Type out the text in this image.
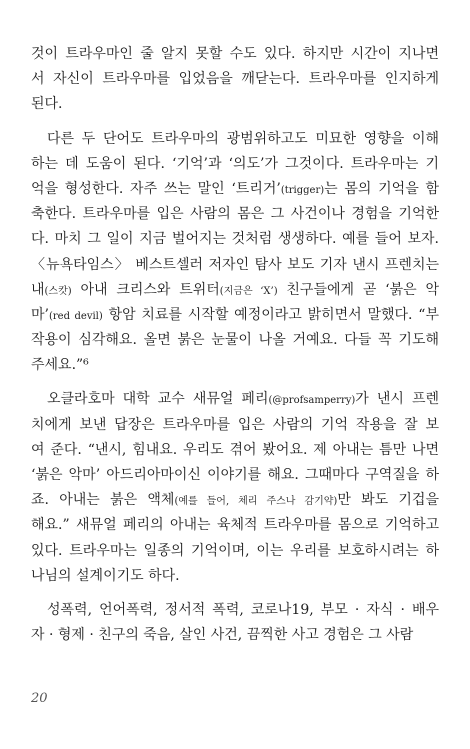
것이 트라우마인 줄 알지 못할 수도 있다. 하지만 시간이 지나면
서 자신이 트라우마를 입었음을 깨닫는다. 트라우마를 인지하게
된다.
다른 두 단어도 트라우마의 광범위하고도 미묘한 영향을 이해
하는 데 도움이 된다. ‘기억’과 ‘의도’가 그것이다. 트라우마는 기
억을 형성한다. 자주 쓰는 말인 ‘트리거’(trigger)는 몸의 기억을 함
축한다. 트라우마를 입은 사람의 몸은 그 사건이나 경험을 기억한
다. 마치 그 일이 지금 벌어지는 것처럼 생생하다. 예를 들어 보자.
〈뉴욕타임스〉 베스트셀러 저자인 탐사 보도 기자 낸시 프렌치는
내(스캇) 아내 크리스와 트위터(지금은 ‘X’) 친구들에게 곧 ‘붉은 악
마’(red devil) 항암 치료를 시작할 예정이라고 밝히면서 말했다. “부
작용이 심각해요. 올면 붉은 눈물이 나올 거예요. 다들 꼭 기도해
주세요.”⁶
오클라호마 대학 교수 새뮤얼 페리(@profsamperry)가 낸시 프렌
치에게 보낸 답장은 트라우마를 입은 사람의 기억 작용을 잘 보
여 준다. “낸시, 힘내요. 우리도 겪어 봤어요. 제 아내는 틈만 나면
‘붉은 악마’ 아드리아마이신 이야기를 해요. 그때마다 구역질을 하
죠. 아내는 붉은 액체(예를 들어, 체리 주스나 감기약)만 봐도 기겁을
해요.” 새뮤얼 페리의 아내는 육체적 트라우마를 몸으로 기억하고
있다. 트라우마는 일종의 기억이며, 이는 우리를 보호하시려는 하
나님의 설계이기도 하다.
성폭력, 언어폭력, 정서적 폭력, 코로나19, 부모 · 자식 · 배우
자 · 형제 · 친구의 죽음, 살인 사건, 끔찍한 사고 경험은 그 사람
20
